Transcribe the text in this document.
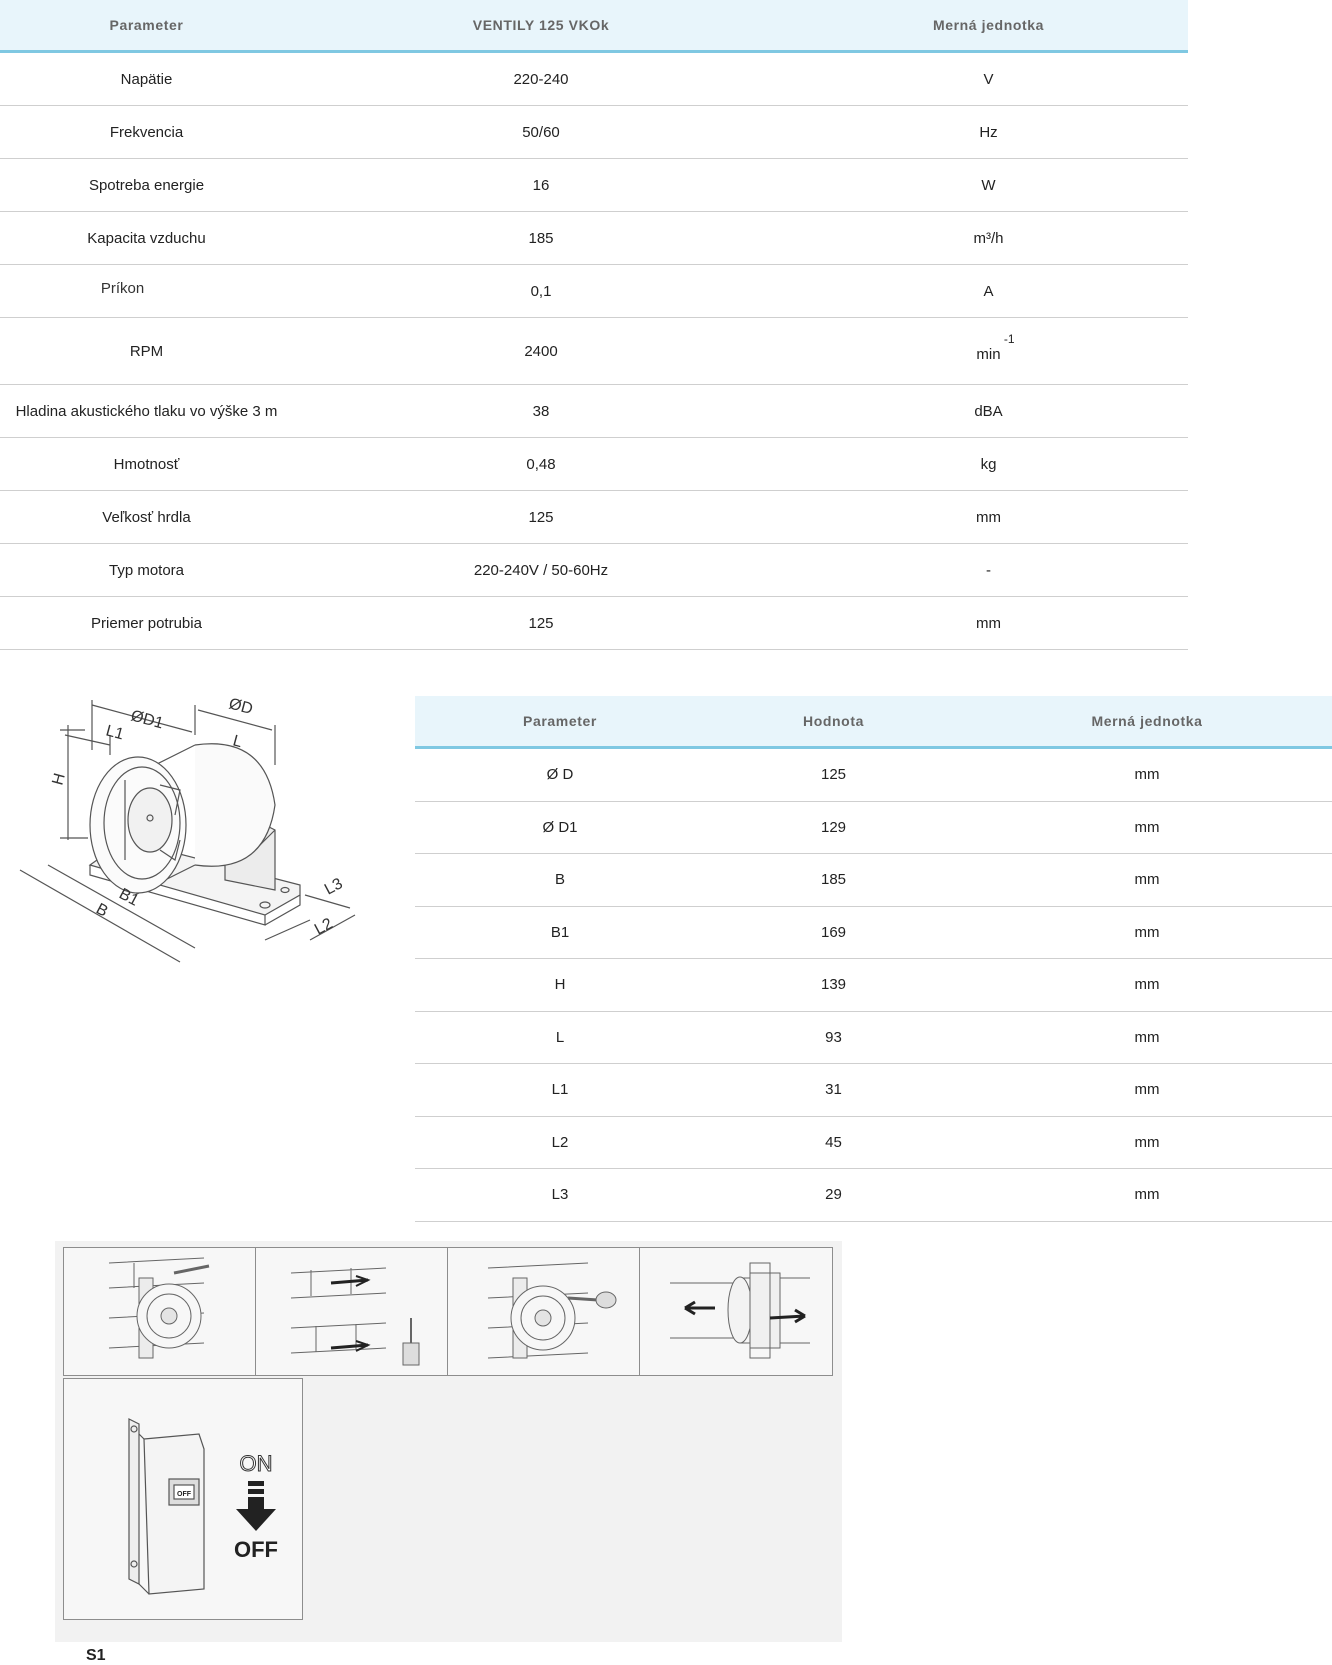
Parameter	VENTILY 125 VKOk	Merná jednotka
Napätie	220-240	V
Frekvencia	50/60	Hz
Spotreba energie	16	W
Kapacita vzduchu	185	m³/h
Príkon	0,1	A
RPM	2400	min
-1

Hladina akustického tlaku vo výške 3 m	38	dBA
Hmotnosť	0,48	kg
Veľkosť hrdla	125	mm
Typ motora	220-240V / 50-60Hz	-
Priemer potrubia	125	mm
ØD
ØD1
L
L1
H
B1
B
L2
L3
Parameter	Hodnota	Merná jednotka
Ø D	125	mm
Ø D1	129	mm
B	185	mm
B1	169	mm
H	139	mm
L	93	mm
L1	31	mm
L2	45	mm
L3	29	mm
S1
OFF
ON
OFF
